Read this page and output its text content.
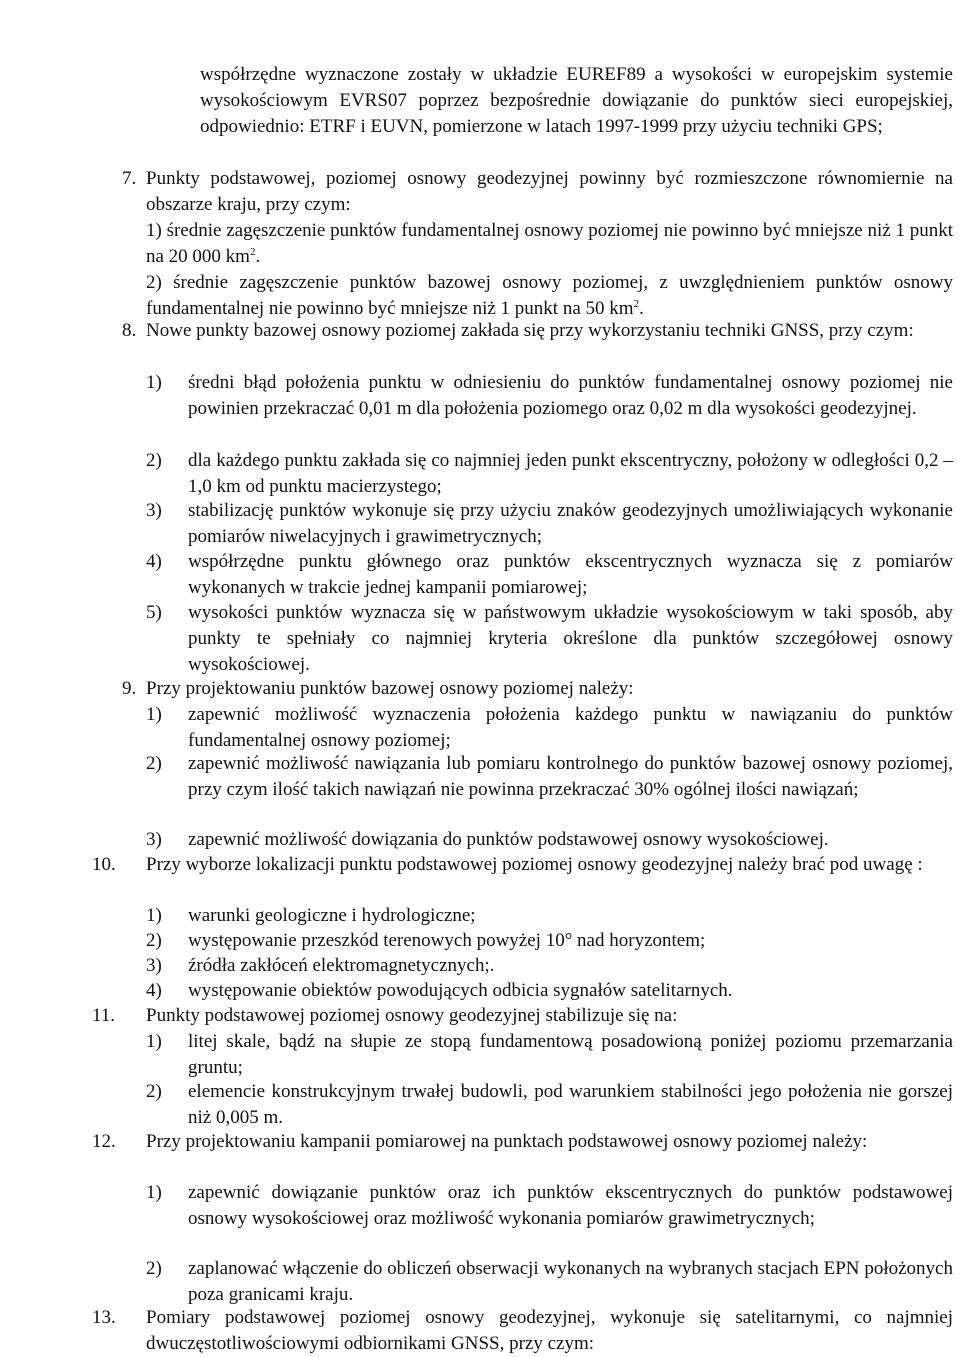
współrzędne wyznaczone zostały w układzie EUREF89 a wysokości w europejskim systemie wysokościowym EVRS07 poprzez bezpośrednie dowiązanie do punktów sieci europejskiej, odpowiednio: ETRF i EUVN, pomierzone w latach 1997-1999 przy użyciu techniki GPS;

7. Punkty podstawowej, poziomej osnowy geodezyjnej powinny być rozmieszczone równomiernie na obszarze kraju, przy czym:

1) średnie zagęszczenie punktów fundamentalnej osnowy poziomej nie powinno być mniejsze niż 1 punkt na 20 000 $km^2$.

2) średnie zagęszczenie punktów bazowej osnowy poziomej, z uwzględnieniem punktów osnowy fundamentalnej nie powinno być mniejsze niż 1 punkt na 50 $km^2$.

8. Nowe punkty bazowej osnowy poziomej zakłada się przy wykorzystaniu techniki GNSS, przy czym:

1) średni błąd położenia punktu w odniesieniu do punktów fundamentalnej osnowy poziomej nie powinien przekraczać 0,01 m dla położenia poziomego oraz 0,02 m dla wysokości geodezyjnej.

2) dla każdego punktu zakłada się co najmniej jeden punkt ekscentryczny, położony w odległości 0,2 – 1,0 km od punktu macierzystego;

3) stabilizację punktów wykonuje się przy użyciu znaków geodezyjnych umożliwiających wykonanie pomiarów niwelacyjnych i grawimetrycznych;

4) współrzędne punktu głównego oraz punktów ekscentrycznych wyznacza się z pomiarów wykonanych w trakcie jednej kampanii pomiarowej;

5) wysokości punktów wyznacza się w państwowym układzie wysokościowym w taki sposób, aby punkty te spełniały co najmniej kryteria określone dla punktów szczegółowej osnowy wysokościowej.

9. Przy projektowaniu punktów bazowej osnowy poziomej należy:

1) zapewnić możliwość wyznaczenia położenia każdego punktu w nawiązaniu do punktów fundamentalnej osnowy poziomej;

2) zapewnić możliwość nawiązania lub pomiaru kontrolnego do punktów bazowej osnowy poziomej, przy czym ilość takich nawiązań nie powinna przekraczać 30% ogólnej ilości nawiązań;

3) zapewnić możliwość dowiązania do punktów podstawowej osnowy wysokościowej.

10. Przy wyborze lokalizacji punktu podstawowej poziomej osnowy geodezyjnej należy brać pod uwagę :

1) warunki geologiczne i hydrologiczne;

2) występowanie przeszkód terenowych powyżej 10° nad horyzontem;

3) źródła zakłóceń elektromagnetycznych;.

4) występowanie obiektów powodujących odbicia sygnałów satelitarnych.

11. Punkty podstawowej poziomej osnowy geodezyjnej stabilizuje się na:

1) litej skale, bądź na słupie ze stopą fundamentową posadowioną poniżej poziomu przemarzania gruntu;

2) elemencie konstrukcyjnym trwałej budowli, pod warunkiem stabilności jego położenia nie gorszej niż 0,005 m.

12. Przy projektowaniu kampanii pomiarowej na punktach podstawowej osnowy poziomej należy:

1) zapewnić dowiązanie punktów oraz ich punktów ekscentrycznych do punktów podstawowej osnowy wysokościowej oraz możliwość wykonania pomiarów grawimetrycznych;

2) zaplanować włączenie do obliczeń obserwacji wykonanych na wybranych stacjach EPN położonych poza granicami kraju.

13. Pomiary podstawowej poziomej osnowy geodezyjnej, wykonuje się satelitarnymi, co najmniej dwuczęstotliwościowymi odbiornikami GNSS, przy czym:
